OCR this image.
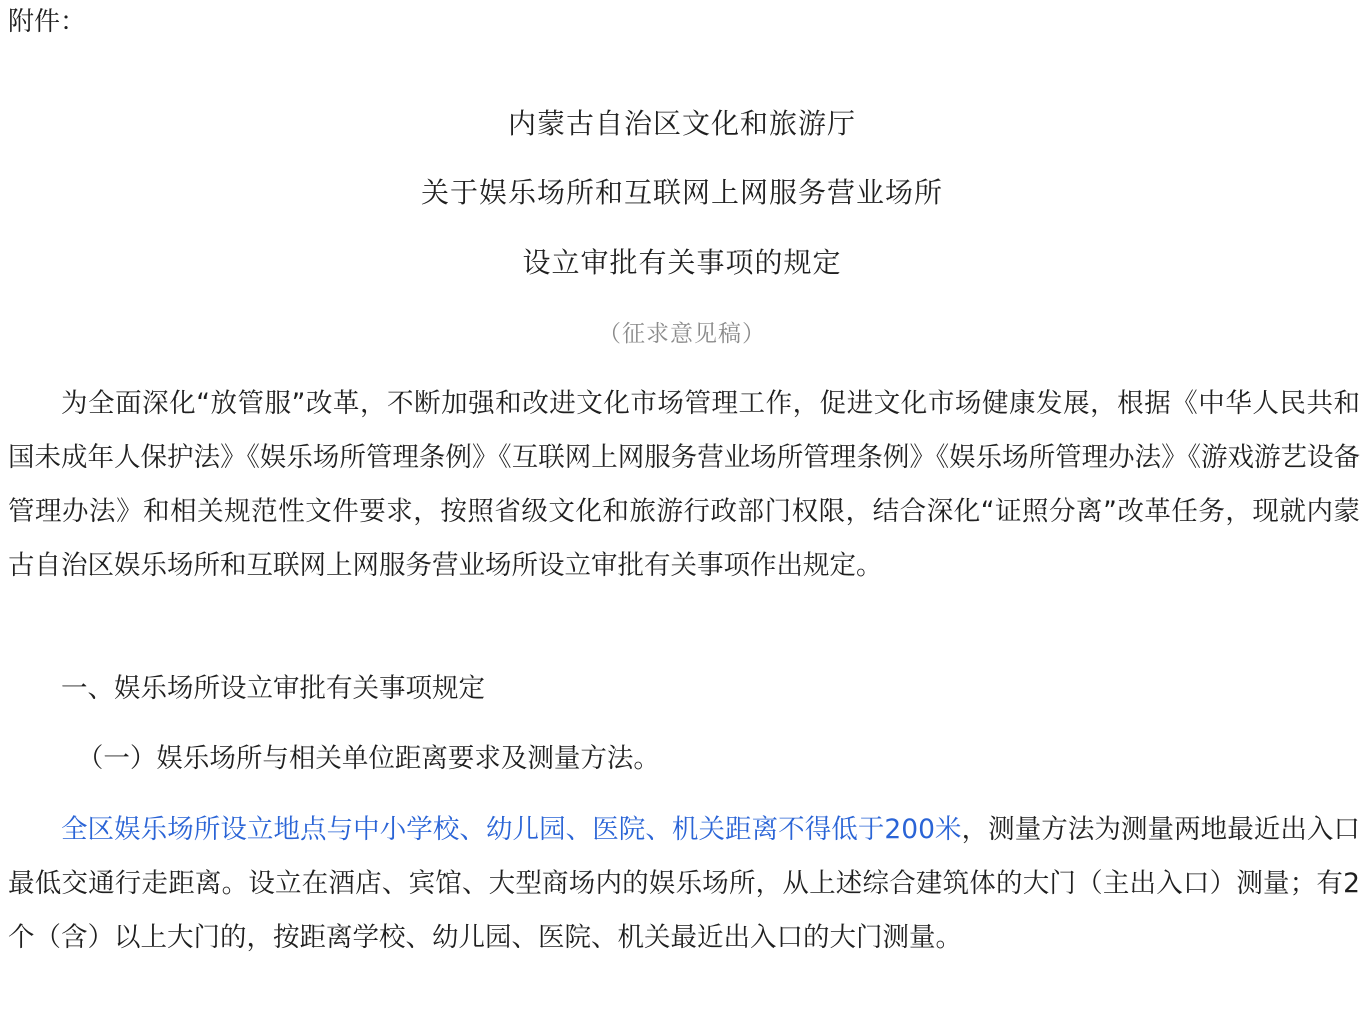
附件：
内蒙古自治区文化和旅游厅
关于娱乐场所和互联网上网服务营业场所
设立审批有关事项的规定
（征求意见稿）

为全面深化“放管服”改革，不断加强和改进文化市场管理工作，促进文化市场健康发展，根据《中华人民共和国未成年人保护法》《娱乐场所管理条例》《互联网上网服务营业场所管理条例》《娱乐场所管理办法》《游戏游艺设备管理办法》和相关规范性文件要求，按照省级文化和旅游行政部门权限，结合深化“证照分离”改革任务，现就内蒙古自治区娱乐场所和互联网上网服务营业场所设立审批有关事项作出规定。

一、娱乐场所设立审批有关事项规定

（一）娱乐场所与相关单位距离要求及测量方法。

全区娱乐场所设立地点与中小学校、幼儿园、医院、机关距离不得低于200米，测量方法为测量两地最近出入口最低交通行走距离。设立在酒店、宾馆、大型商场内的娱乐场所，从上述综合建筑体的大门（主出入口）测量；有2个（含）以上大门的，按距离学校、幼儿园、医院、机关最近出入口的大门测量。
